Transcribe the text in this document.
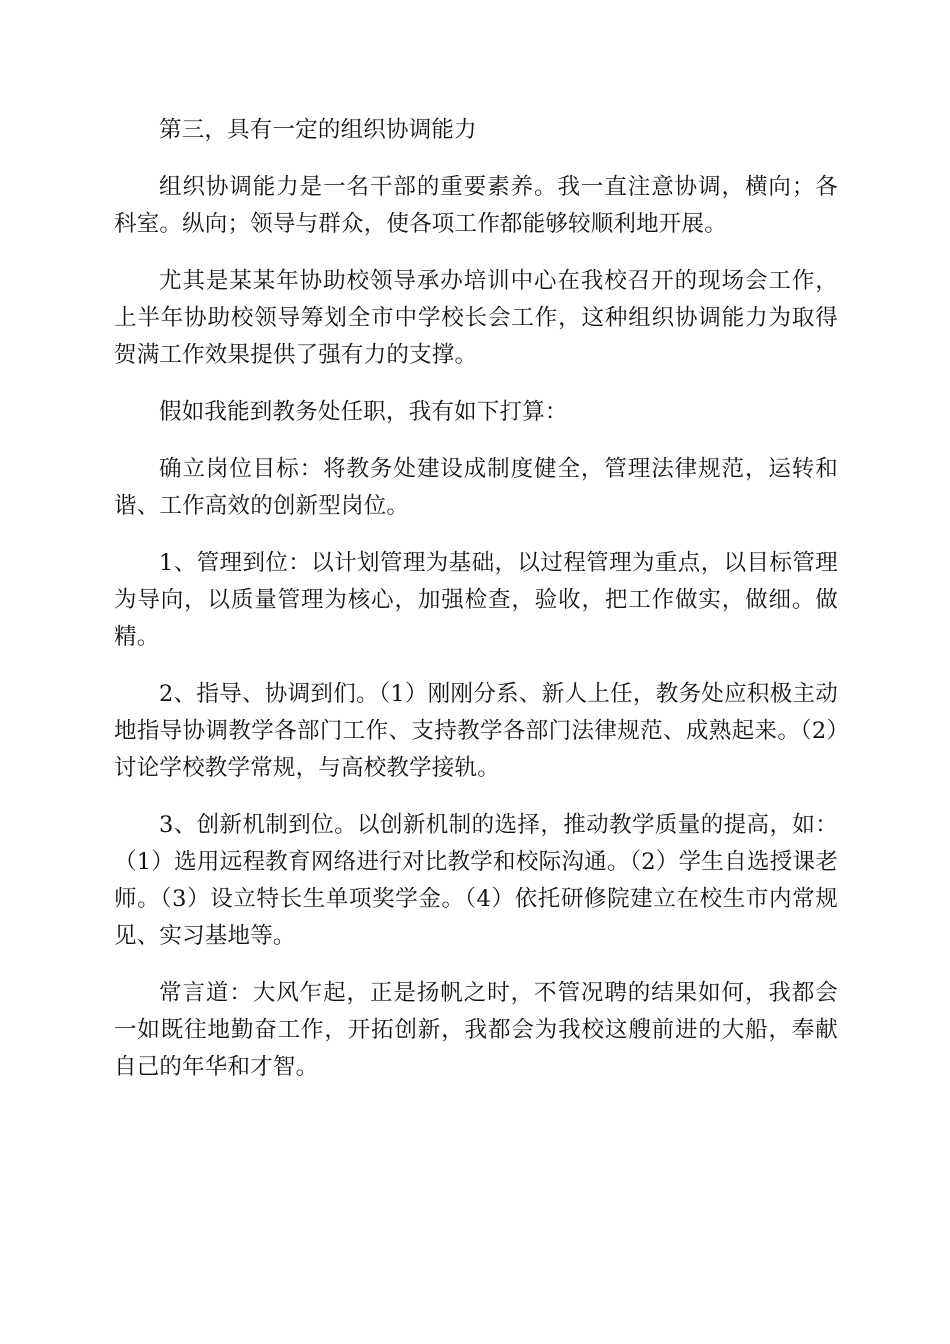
第三，具有一定的组织协调能力

组织协调能力是一名干部的重要素养。我一直注意协调，横向；各科室。纵向；领导与群众，使各项工作都能够较顺利地开展。

尤其是某某年协助校领导承办培训中心在我校召开的现场会工作，上半年协助校领导筹划全市中学校长会工作，这种组织协调能力为取得贺满工作效果提供了强有力的支撑。

假如我能到教务处任职，我有如下打算：

确立岗位目标：将教务处建设成制度健全，管理法律规范，运转和谐、工作高效的创新型岗位。

1、管理到位：以计划管理为基础，以过程管理为重点，以目标管理为导向，以质量管理为核心，加强检查，验收，把工作做实，做细。做精。

2、指导、协调到们。（1）刚刚分系、新人上任，教务处应积极主动地指导协调教学各部门工作、支持教学各部门法律规范、成熟起来。（2）讨论学校教学常规，与高校教学接轨。

3、创新机制到位。以创新机制的选择，推动教学质量的提高，如：（1）选用远程教育网络进行对比教学和校际沟通。（2）学生自选授课老师。（3）设立特长生单项奖学金。（4）依托研修院建立在校生市内常规见、实习基地等。

常言道：大风乍起，正是扬帆之时，不管况聘的结果如何，我都会一如既往地勤奋工作，开拓创新，我都会为我校这艘前进的大船，奉献自己的年华和才智。
